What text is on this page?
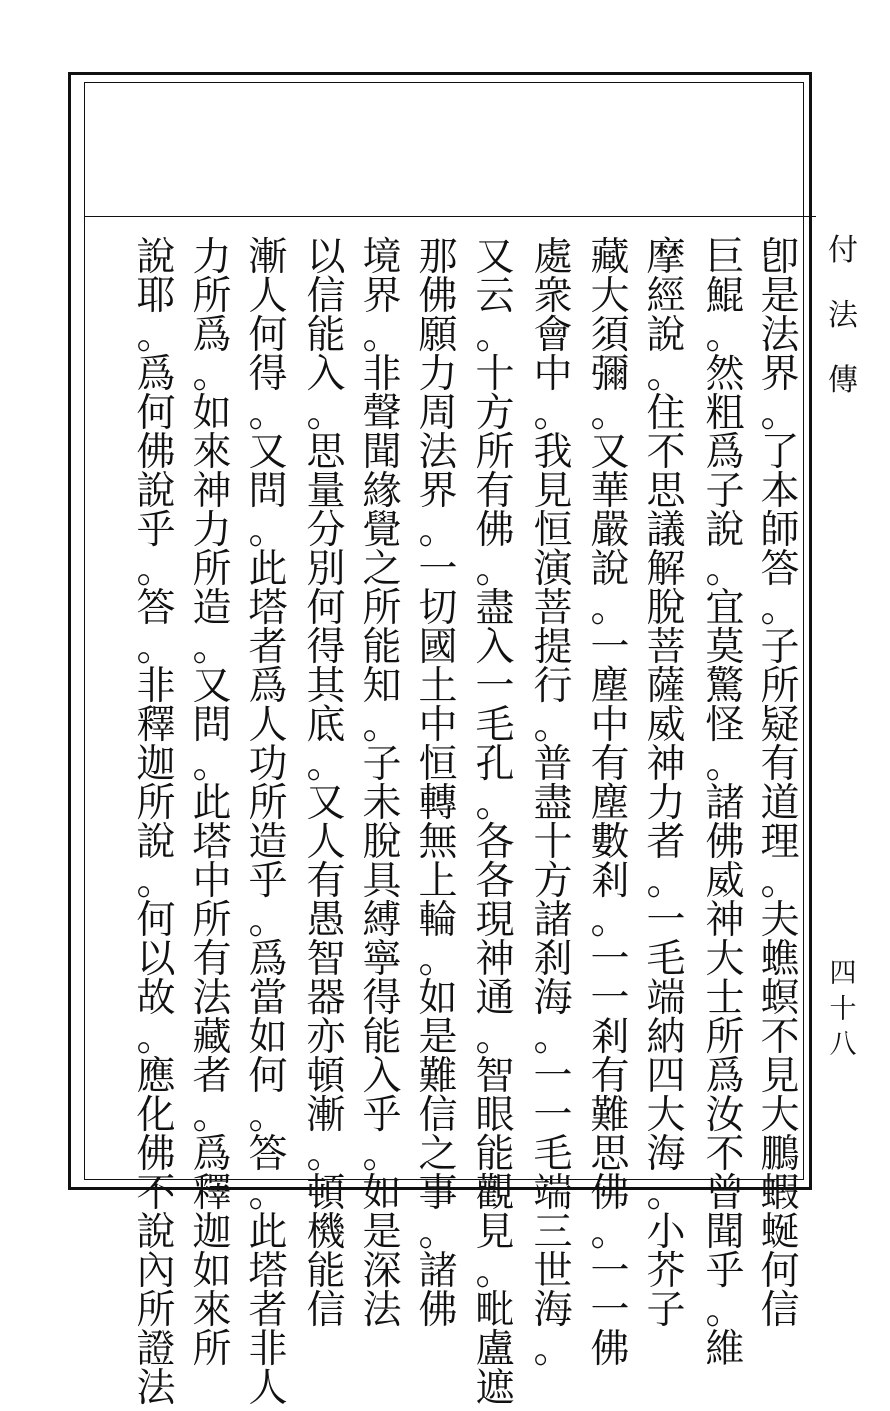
付
法
傳
四
十
八
卽
是
法
界
。
了
本
師
答
。
子
所
疑
有
道
理
。
夫
蟭
螟
不
見
大
鵬
蝦
蜒
何
信
巨
鯤
。
然
粗
爲
子
說
。
宜
莫
驚
怪
。
諸
佛
威
神
大
士
所
爲
汝
不
曾
聞
乎
。
維
摩
經
說
。
住
不
思
議
解
脫
菩
薩
威
神
力
者
。
一
毛
端
納
四
大
海
。
小
芥
子
藏
大
須
彌
。
又
華
嚴
說
。
一
塵
中
有
塵
數
剎
。
一
一
剎
有
難
思
佛
。
一
一
佛
處
衆
會
中
。
我
見
恒
演
菩
提
行
。
普
盡
十
方
諸
刹
海
。
一
一
毛
端
三
世
海
。
又
云
。
十
方
所
有
佛
。
盡
入
一
毛
孔
。
各
各
現
神
通
。
智
眼
能
觀
見
。
毗
盧
遮
那
佛
願
力
周
法
界
。
一
切
國
土
中
恒
轉
無
上
輪
。
如
是
難
信
之
事
。
諸
佛
境
界
。
非
聲
聞
緣
覺
之
所
能
知
。
子
未
脫
具
縛
寧
得
能
入
乎
。
如
是
深
法
以
信
能
入
。
思
量
分
別
何
得
其
底
。
又
人
有
愚
智
器
亦
頓
漸
。
頓
機
能
信
漸
人
何
得
。
又
問
。
此
塔
者
爲
人
功
所
造
乎
。
爲
當
如
何
。
答
。
此
塔
者
非
人
力
所
爲
。
如
來
神
力
所
造
。
又
問
。
此
塔
中
所
有
法
藏
者
。
爲
釋
迦
如
來
所
說
耶
。
爲
何
佛
說
乎
。
答
。
非
釋
迦
所
說
。
何
以
故
。
應
化
佛
不
說
內
所
證
法
